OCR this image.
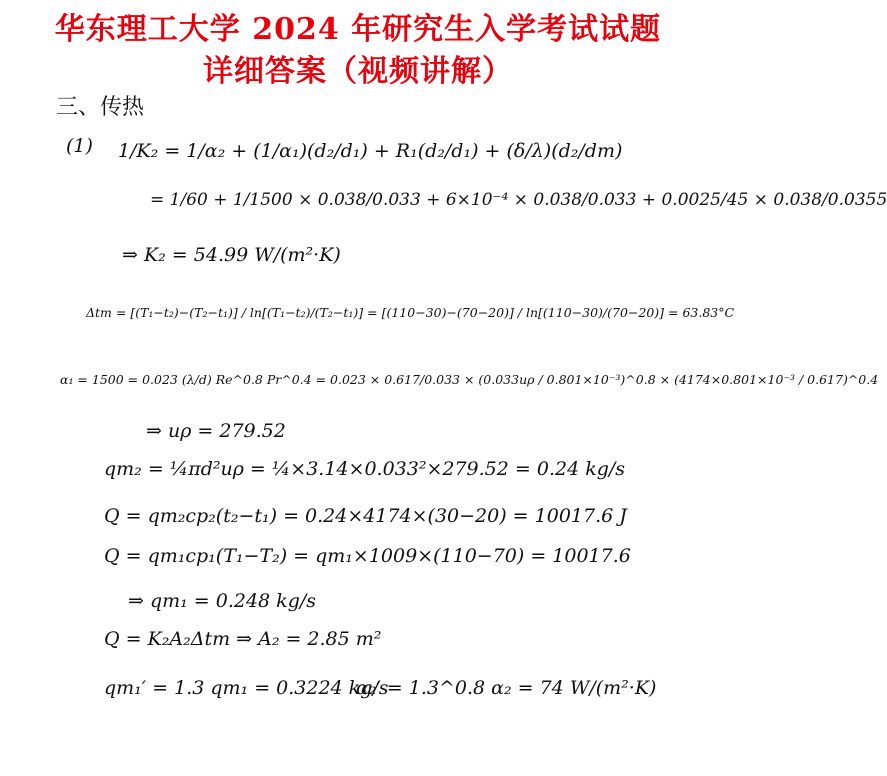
华东理工大学 2024 年研究生入学考试试题
详细答案（视频讲解）
三、传热
(1) 1/K₂ = 1/α₂ + (1/α₁)(d₂/d₁) + R₁(d₂/d₁) + (δ/λ)(d₂/dm)
= 1/60 + 1/1500 × 0.038/0.033 + 6×10⁻⁴ × 0.038/0.033 + 0.0025/45 × 0.038/0.0355
⇒ K₂ = 54.99 W/(m²·K)
Δtm = [(T₁−t₂)−(T₂−t₁)] / ln[(T₁−t₂)/(T₂−t₁)] = [(110−30)−(70−20)] / ln[(110−30)/(70−20)] = 63.83°C
α₁ = 1500 = 0.023 (λ/d) Re^0.8 Pr^0.4 = 0.023 × 0.617/0.033 × (0.033uρ / 0.801×10⁻³)^0.8 × (4174×0.801×10⁻³ / 0.617)^0.4
⇒ uρ = 279.52
qm₂ = ¼πd²uρ = ¼×3.14×0.033²×279.52 = 0.24 kg/s
Q = qm₂cp₂(t₂−t₁) = 0.24×4174×(30−20) = 10017.6 J
Q = qm₁cp₁(T₁−T₂) = qm₁×1009×(110−70) = 10017.6
⇒ qm₁ = 0.248 kg/s
Q = K₂A₂Δtm ⇒ A₂ = 2.85 m²
qm₁′ = 1.3 qm₁ = 0.3224 kg/s
α₂′ = 1.3^0.8 α₂ = 74 W/(m²·K)
